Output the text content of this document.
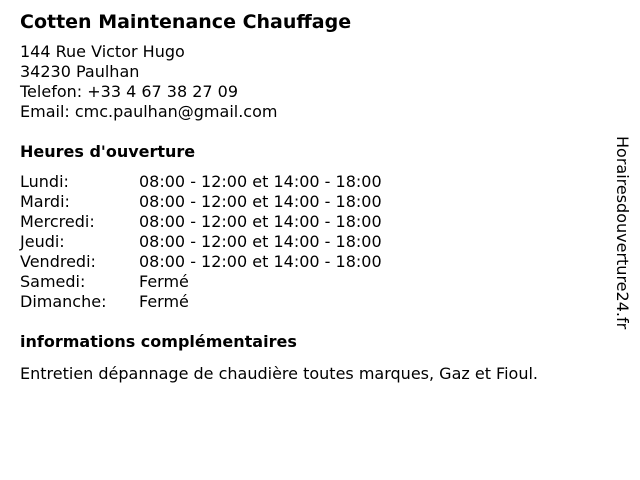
Cotten Maintenance Chauffage
144 Rue Victor Hugo
34230 Paulhan
Telefon: +33 4 67 38 27 09
Email: cmc.paulhan@gmail.com
Heures d'ouverture
Lundi:	08:00 - 12:00 et 14:00 - 18:00
Mardi:	08:00 - 12:00 et 14:00 - 18:00
Mercredi:	08:00 - 12:00 et 14:00 - 18:00
Jeudi:	08:00 - 12:00 et 14:00 - 18:00
Vendredi:	08:00 - 12:00 et 14:00 - 18:00
Samedi:	Fermé
Dimanche:	Fermé
informations complémentaires
Entretien dépannage de chaudière toutes marques, Gaz et Fioul.
Horairesdouverture24.fr
